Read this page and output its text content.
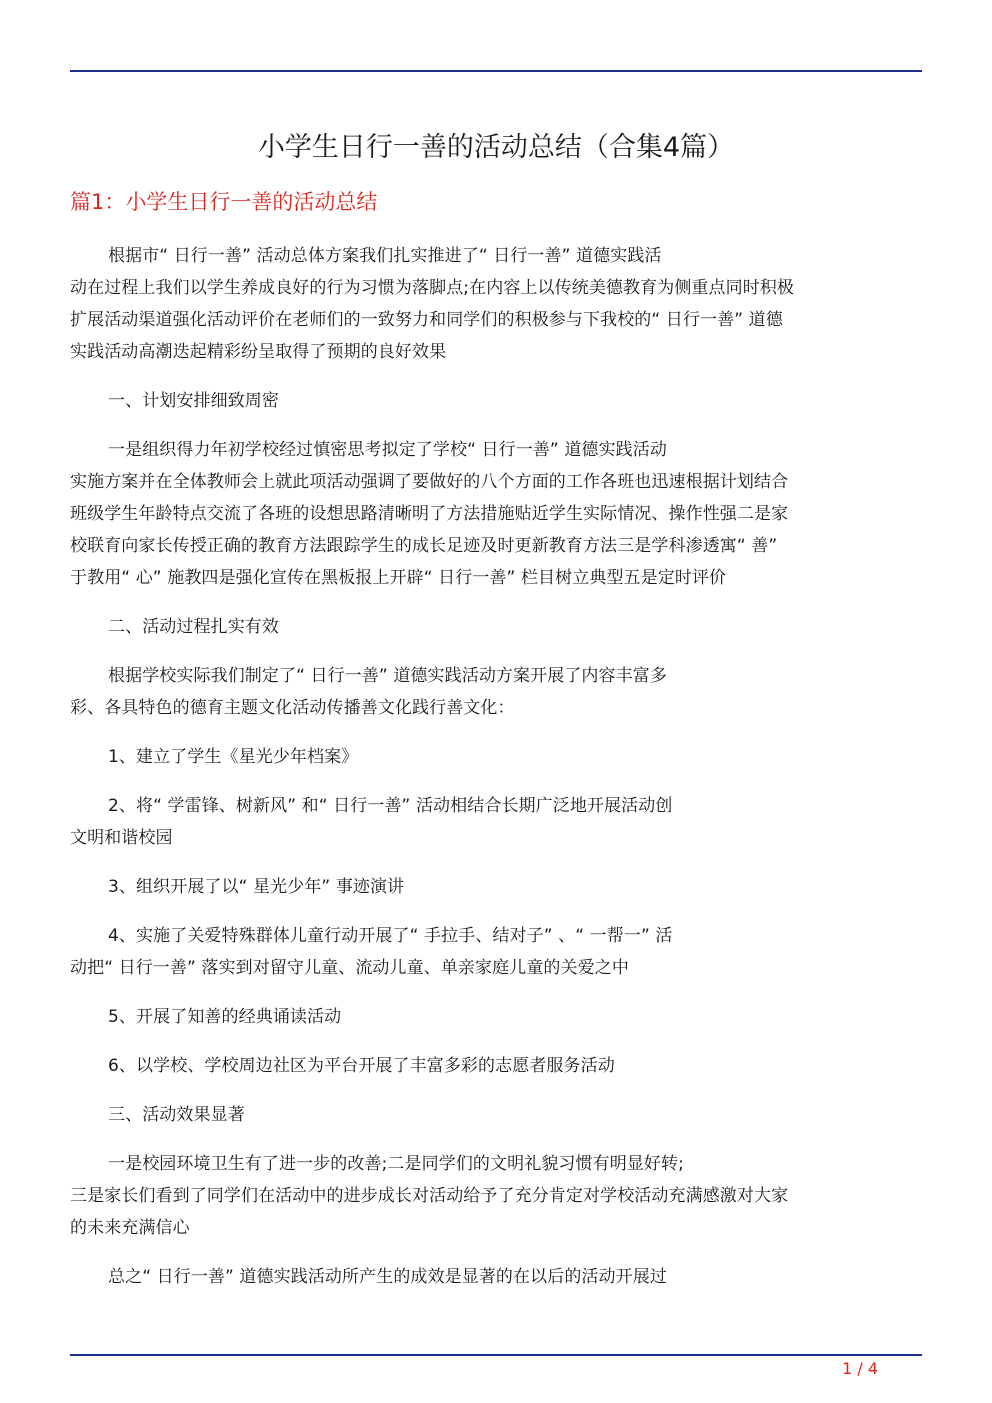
小学生日行一善的活动总结（合集4篇）
篇1：小学生日行一善的活动总结

根据市“ 日行一善” 活动总体方案我们扎实推进了“ 日行一善” 道德实践活
动在过程上我们以学生养成良好的行为习惯为落脚点;在内容上以传统美德教育为侧重点同时积极
扩展活动渠道强化活动评价在老师们的一致努力和同学们的积极参与下我校的“ 日行一善” 道德
实践活动高潮迭起精彩纷呈取得了预期的良好效果

一、计划安排细致周密

一是组织得力年初学校经过慎密思考拟定了学校“ 日行一善” 道德实践活动
实施方案并在全体教师会上就此项活动强调了要做好的八个方面的工作各班也迅速根据计划结合
班级学生年龄特点交流了各班的设想思路清晰明了方法措施贴近学生实际情况、操作性强二是家
校联育向家长传授正确的教育方法跟踪学生的成长足迹及时更新教育方法三是学科渗透寓“ 善”
于教用“ 心” 施教四是强化宣传在黑板报上开辟“ 日行一善” 栏目树立典型五是定时评价

二、活动过程扎实有效

根据学校实际我们制定了“ 日行一善” 道德实践活动方案开展了内容丰富多
彩、各具特色的德育主题文化活动传播善文化践行善文化：

1、建立了学生《星光少年档案》

2、将“ 学雷锋、树新风” 和“ 日行一善” 活动相结合长期广泛地开展活动创
文明和谐校园

3、组织开展了以“ 星光少年” 事迹演讲

4、实施了关爱特殊群体儿童行动开展了“ 手拉手、结对子” 、“ 一帮一” 活
动把“ 日行一善” 落实到对留守儿童、流动儿童、单亲家庭儿童的关爱之中

5、开展了知善的经典诵读活动

6、以学校、学校周边社区为平台开展了丰富多彩的志愿者服务活动

三、活动效果显著

一是校园环境卫生有了进一步的改善;二是同学们的文明礼貌习惯有明显好转;
三是家长们看到了同学们在活动中的进步成长对活动给予了充分肯定对学校活动充满感激对大家
的未来充满信心

总之“ 日行一善” 道德实践活动所产生的成效是显著的在以后的活动开展过

1 / 4
